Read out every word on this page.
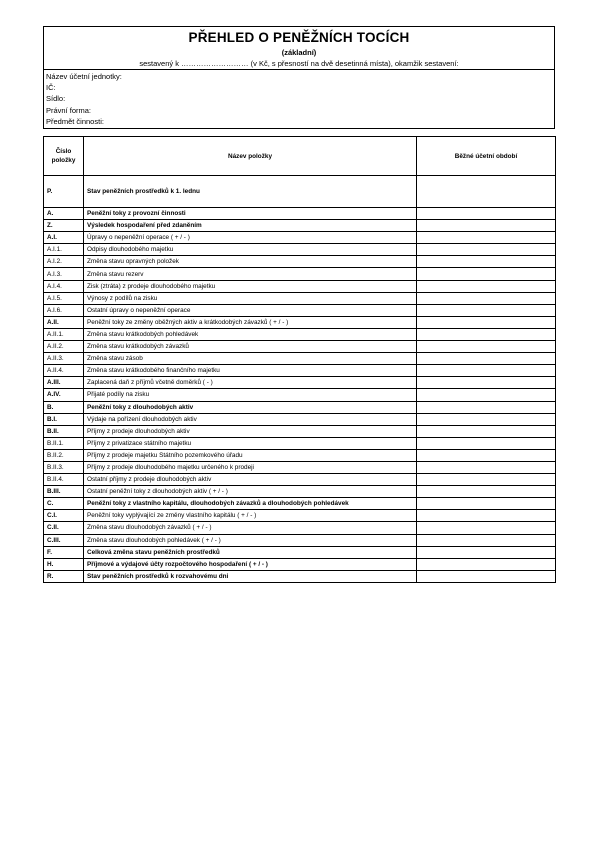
PŘEHLED O PENĚŽNÍCH TOCÍCH
(základní)
sestavený k ……………………… (v Kč, s přesností na dvě desetinná místa), okamžik sestavení:
Název účetní jednotky:
IČ:
Sídlo:
Právní forma:
Předmět činnosti:
Číslo položky	Název položky	Běžné účetní období
P.	Stav peněžních prostředků k 1. lednu	
A.	Peněžní toky z provozní činnosti	
Z.	Výsledek hospodaření před zdaněním	
A.I.	Úpravy o nepeněžní operace ( + / - )	
A.I.1.	Odpisy dlouhodobého majetku	
A.I.2.	Změna stavu opravných položek	
A.I.3.	Změna stavu rezerv	
A.I.4.	Zisk (ztráta) z prodeje dlouhodobého majetku	
A.I.5.	Výnosy z podílů na zisku	
A.I.6.	Ostatní úpravy o nepeněžní operace	
A.II.	Peněžní toky ze změny oběžných aktiv a krátkodobých závazků ( + / - )	
A.II.1.	Změna stavu krátkodobých pohledávek	
A.II.2.	Změna stavu krátkodobých závazků	
A.II.3.	Změna stavu zásob	
A.II.4.	Změna stavu krátkodobého finančního majetku	
A.III.	Zaplacená daň z příjmů včetně doměrků ( - )	
A.IV.	Přijaté podíly na zisku	
B.	Peněžní toky z dlouhodobých aktiv	
B.I.	Výdaje na pořízení dlouhodobých aktiv	
B.II.	Příjmy z prodeje dlouhodobých aktiv	
B.II.1.	Příjmy z privatizace státního majetku	
B.II.2.	Příjmy z prodeje majetku Státního pozemkového úřadu	
B.II.3.	Příjmy z prodeje dlouhodobého majetku určeného k prodeji	
B.II.4.	Ostatní příjmy z prodeje dlouhodobých aktiv	
B.III.	Ostatní peněžní toky z dlouhodobých aktiv ( + / - )	
C.	Peněžní toky z vlastního kapitálu, dlouhodobých závazků a dlouhodobých pohledávek	
C.I.	Peněžní toky vyplývající ze změny vlastního kapitálu ( + / - )	
C.II.	Změna stavu dlouhodobých závazků ( + / - )	
C.III.	Změna stavu dlouhodobých pohledávek ( + / - )	
F.	Celková změna stavu peněžních prostředků	
H.	Příjmové a výdajové účty rozpočtového hospodaření ( + / - )	
R.	Stav peněžních prostředků k rozvahovému dni	
